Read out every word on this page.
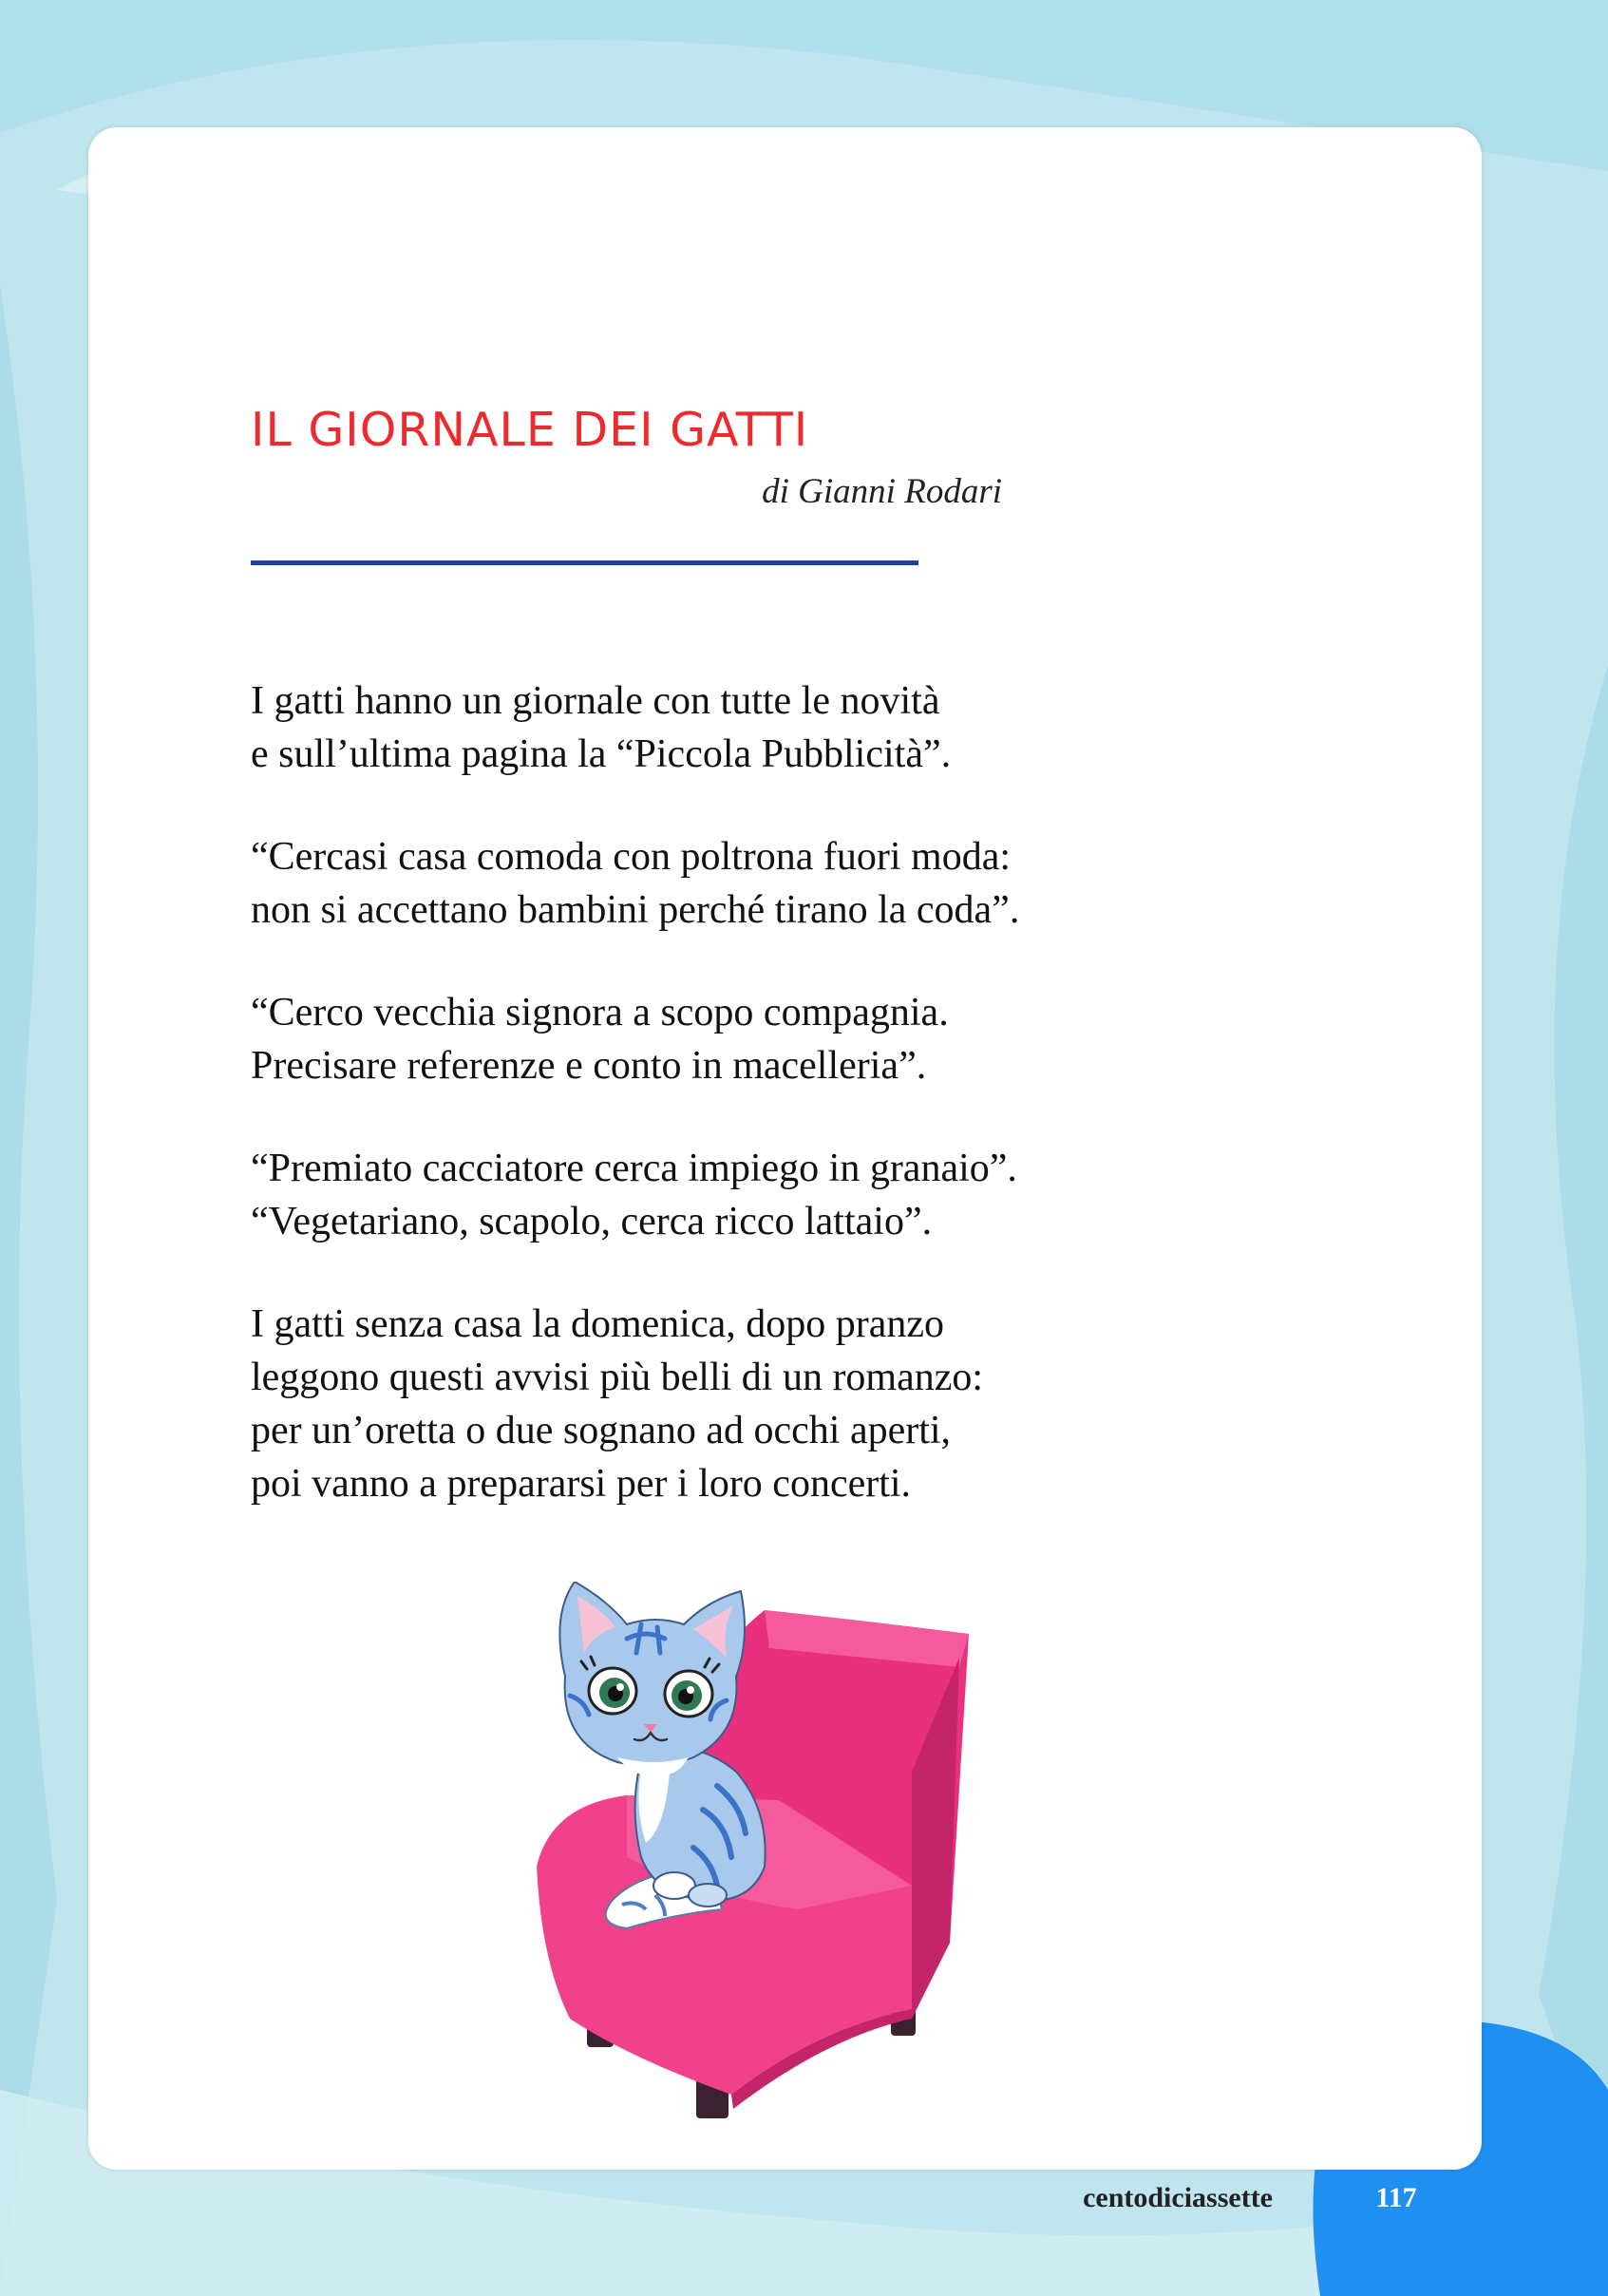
IL GIORNALE DEI GATTI
di Gianni Rodari
I gatti hanno un giornale con tutte le novità
e sull’ultima pagina la “Piccola Pubblicità”.
“Cercasi casa comoda con poltrona fuori moda:
non si accettano bambini perché tirano la coda”.
“Cerco vecchia signora a scopo compagnia.
Precisare referenze e conto in macelleria”.
“Premiato cacciatore cerca impiego in granaio”.
“Vegetariano, scapolo, cerca ricco lattaio”.
I gatti senza casa la domenica, dopo pranzo
leggono questi avvisi più belli di un romanzo:
per un’oretta o due sognano ad occhi aperti,
poi vanno a prepararsi per i loro concerti.
centodiciassette	117
